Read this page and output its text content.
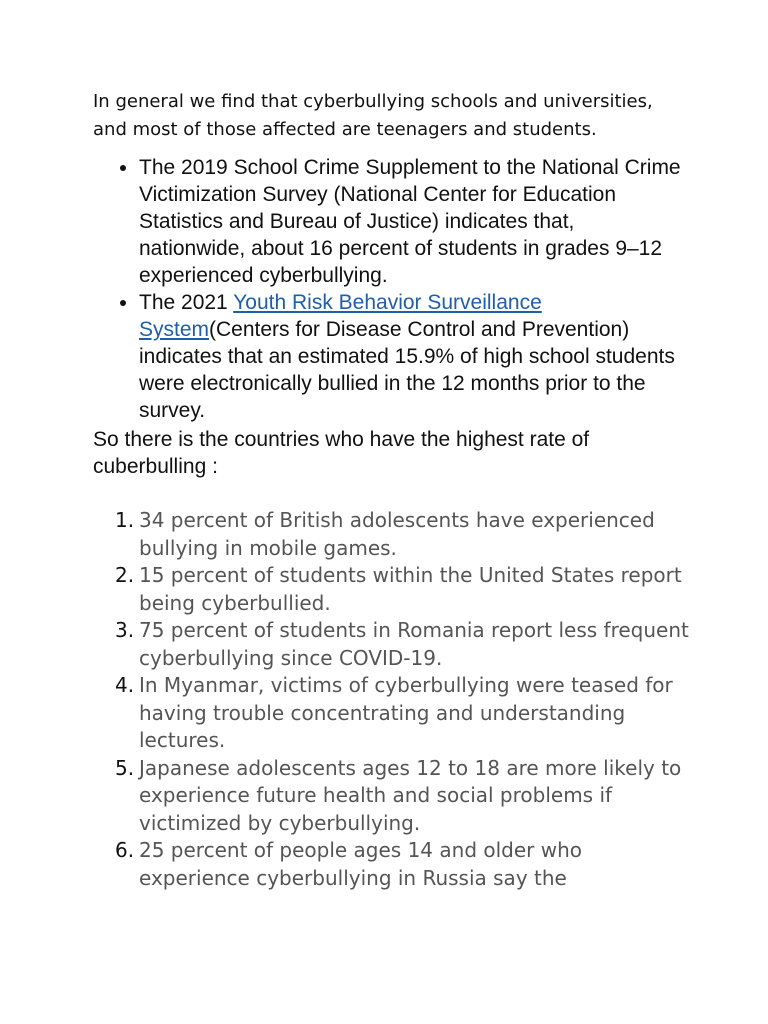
In general we find that cyberbullying schools and universities, and most of those affected are teenagers and students.

• The 2019 School Crime Supplement to the National Crime Victimization Survey (National Center for Education Statistics and Bureau of Justice) indicates that, nationwide, about 16 percent of students in grades 9–12 experienced cyberbullying.
• The 2021 Youth Risk Behavior Surveillance System(Centers for Disease Control and Prevention) indicates that an estimated 15.9% of high school students were electronically bullied in the 12 months prior to the survey.

So there is the countries who have the highest rate of cuberbulling :

1. 34 percent of British adolescents have experienced bullying in mobile games.
2. 15 percent of students within the United States report being cyberbullied.
3. 75 percent of students in Romania report less frequent cyberbullying since COVID-19.
4. In Myanmar, victims of cyberbullying were teased for having trouble concentrating and understanding lectures.
5. Japanese adolescents ages 12 to 18 are more likely to experience future health and social problems if victimized by cyberbullying.
6. 25 percent of people ages 14 and older who experience cyberbullying in Russia say the
